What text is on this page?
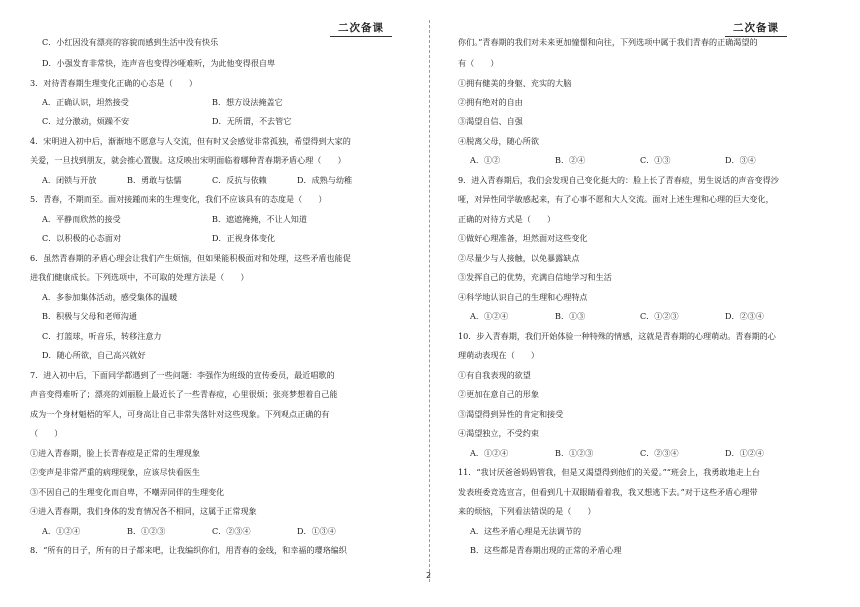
二次备课	二次备课
2
C．小红因没有漂亮的容貌而感到生活中没有快乐
D．小强发育非常快，连声音也变得沙哑难听，为此他变得很自卑
3．对待青春期生理变化正确的心态是（　　）
A．正确认识，坦然接受	B．想方设法掩盖它
C．过分激动，烦躁不安	D．无所谓，不去管它
4．宋明进入初中后，渐渐地不愿意与人交流，但有时又会感觉非常孤独，希望得到大家的
关爱，一旦找到朋友，就会推心置腹。这反映出宋明面临着哪种青春期矛盾心理（　　）
A．闭锁与开放	B．勇敢与怯懦	C．反抗与依赖	D．成熟与幼稚
5．青春，不期而至。面对接踵而来的生理变化，我们不应该具有的态度是（　　）
A．平静而欣然的接受	B．遮遮掩掩，不让人知道
C．以积极的心态面对	D．正视身体变化
6．虽然青春期的矛盾心理会让我们产生烦恼，但如果能积极面对和处理，这些矛盾也能促
进我们健康成长。下列选项中，不可取的处理方法是（　　）
A．多参加集体活动，感受集体的温暖
B．积极与父母和老师沟通
C．打篮球，听音乐，转移注意力
D．随心所欲，自己高兴就好
7．进入初中后，下面同学都遇到了一些问题：李强作为班级的宣传委员，最近唱歌的
声音变得难听了；漂亮的刘丽脸上最近长了一些青春痘，心里很烦；张亮梦想着自己能
成为一个身材魁梧的军人，可身高让自己非常失落针对这些现象。下列观点正确的有
（　　）
①进入青春期，脸上长青春痘是正常的生理现象
②变声是非常严重的病理现象，应该尽快看医生
③不因自己的生理变化而自卑，不嘲弄同伴的生理变化
④进入青春期，我们身体的发育情况各不相同，这属于正常现象
A．①②④	B．①②③	C．②③④	D．①③④
8．“所有的日子，所有的日子都来吧，让我编织你们，用青春的金线，和幸福的璎珞编织
你们。”青春期的我们对未来更加憧憬和向往，下列选项中属于我们青春的正确渴望的
有（　　）
①拥有健美的身躯、充实的大脑
②拥有绝对的自由
③渴望自信、自强
④脱离父母，随心所欲
A．①②	B．②④	C．①③	D．③④
9．进入青春期后，我们会发现自己变化挺大的：脸上长了青春痘，男生说话的声音变得沙
哑，对异性同学敏感起来，有了心事不愿和大人交流。面对上述生理和心理的巨大变化，
正确的对待方式是（　　）
①做好心理准备，坦然面对这些变化
②尽量少与人接触，以免暴露缺点
③发挥自己的优势，充满自信地学习和生活
④科学地认识自己的生理和心理特点
A．①②④	B．①③	C．①②③	D．②③④
10．步入青春期，我们开始体验一种特殊的情感，这就是青春期的心理萌动。青春期的心
理萌动表现在（　　）
①有自我表现的欲望
②更加在意自己的形象
③渴望得到异性的肯定和接受
④渴望独立，不受约束
A．①②④	B．①②③	C．②③④	D．①②④
11．“我讨厌爸爸妈妈管我，但是又渴望得到他们的关爱。”“班会上，我勇敢地走上台
发表班委竞选宣言，但看到几十双眼睛看着我，我又想逃下去。”对于这些矛盾心理带
来的烦恼，下列看法错误的是（　　）
A．这些矛盾心理是无法调节的
B．这些都是青春期出现的正常的矛盾心理
